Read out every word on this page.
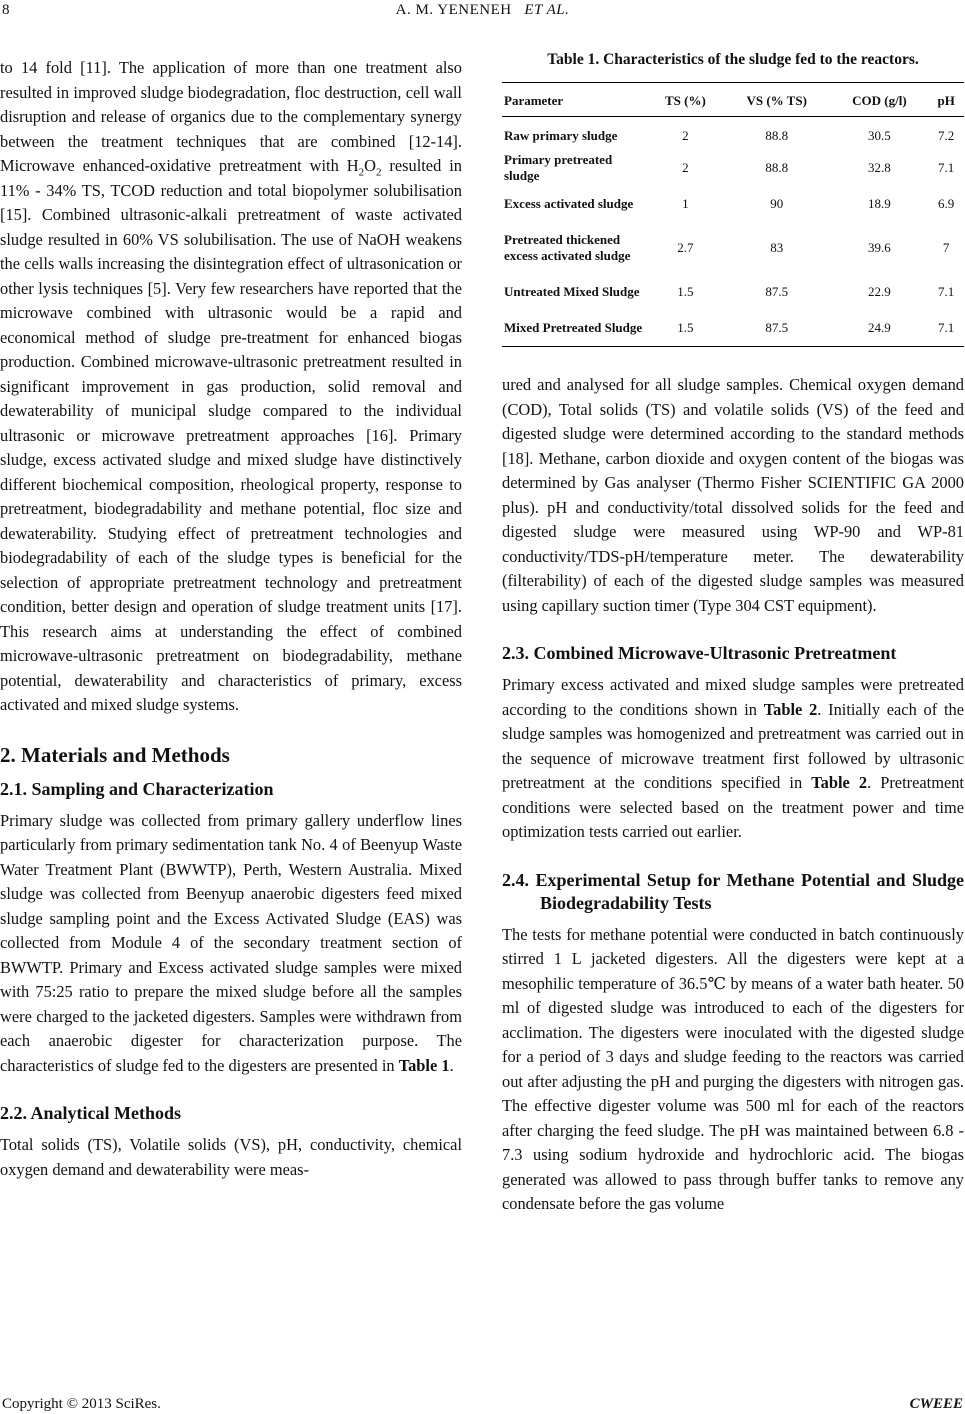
8	A. M. YENENEH ET AL.

to 14 fold [11]. The application of more than one treatment also resulted in improved sludge biodegradation, floc destruction, cell wall disruption and release of organics due to the complementary synergy between the treatment techniques that are combined [12-14]. Microwave enhanced-oxidative pretreatment with $H_2O_2$ resulted in 11% - 34% TS, TCOD reduction and total biopolymer solubilisation [15]. Combined ultrasonic-alkali pretreatment of waste activated sludge resulted in 60% VS solubilisation. The use of NaOH weakens the cells walls increasing the disintegration effect of ultrasonication or other lysis techniques [5]. Very few researchers have reported that the microwave combined with ultrasonic would be a rapid and economical method of sludge pre-treatment for enhanced biogas production. Combined microwave-ultrasonic pretreatment resulted in significant improvement in gas production, solid removal and dewaterability of municipal sludge compared to the individual ultrasonic or microwave pretreatment approaches [16]. Primary sludge, excess activated sludge and mixed sludge have distinctively different biochemical composition, rheological property, response to pretreatment, biodegradability and methane potential, floc size and dewaterability. Studying effect of pretreatment technologies and biodegradability of each of the sludge types is beneficial for the selection of appropriate pretreatment technology and pretreatment condition, better design and operation of sludge treatment units [17]. This research aims at understanding the effect of combined microwave-ultrasonic pretreatment on biodegradability, methane potential, dewaterability and characteristics of primary, excess activated and mixed sludge systems.

2. Materials and Methods
2.1. Sampling and Characterization

Primary sludge was collected from primary gallery underflow lines particularly from primary sedimentation tank No. 4 of Beenyup Waste Water Treatment Plant (BWWTP), Perth, Western Australia. Mixed sludge was collected from Beenyup anaerobic digesters feed mixed sludge sampling point and the Excess Activated Sludge (EAS) was collected from Module 4 of the secondary treatment section of BWWTP. Primary and Excess activated sludge samples were mixed with 75:25 ratio to prepare the mixed sludge before all the samples were charged to the jacketed digesters. Samples were withdrawn from each anaerobic digester for characterization purpose. The characteristics of sludge fed to the digesters are presented in Table 1.

2.2. Analytical Methods

Total solids (TS), Volatile solids (VS), pH, conductivity, chemical oxygen demand and dewaterability were meas-

Table 1. Characteristics of the sludge fed to the reactors.
Parameter	TS (%)	VS (% TS)	COD (g/l)	pH
Raw primary sludge	2	88.8	30.5	7.2
Primary pretreated sludge	2	88.8	32.8	7.1
Excess activated sludge	1	90	18.9	6.9
Pretreated thickened excess activated sludge	2.7	83	39.6	7
Untreated Mixed Sludge	1.5	87.5	22.9	7.1
Mixed Pretreated Sludge	1.5	87.5	24.9	7.1

ured and analysed for all sludge samples. Chemical oxygen demand (COD), Total solids (TS) and volatile solids (VS) of the feed and digested sludge were determined according to the standard methods [18]. Methane, carbon dioxide and oxygen content of the biogas was determined by Gas analyser (Thermo Fisher SCIENTIFIC GA 2000 plus). pH and conductivity/total dissolved solids for the feed and digested sludge were measured using WP-90 and WP-81 conductivity/TDS-pH/temperature meter. The dewaterability (filterability) of each of the digested sludge samples was measured using capillary suction timer (Type 304 CST equipment).

2.3. Combined Microwave-Ultrasonic Pretreatment

Primary excess activated and mixed sludge samples were pretreated according to the conditions shown in Table 2. Initially each of the sludge samples was homogenized and pretreatment was carried out in the sequence of microwave treatment first followed by ultrasonic pretreatment at the conditions specified in Table 2. Pretreatment conditions were selected based on the treatment power and time optimization tests carried out earlier.

2.4. Experimental Setup for Methane Potential and Sludge Biodegradability Tests

The tests for methane potential were conducted in batch continuously stirred 1 L jacketed digesters. All the digesters were kept at a mesophilic temperature of 36.5℃ by means of a water bath heater. 50 ml of digested sludge was introduced to each of the digesters for acclimation. The digesters were inoculated with the digested sludge for a period of 3 days and sludge feeding to the reactors was carried out after adjusting the pH and purging the digesters with nitrogen gas. The effective digester volume was 500 ml for each of the reactors after charging the feed sludge. The pH was maintained between 6.8 - 7.3 using sodium hydroxide and hydrochloric acid. The biogas generated was allowed to pass through buffer tanks to remove any condensate before the gas volume

Copyright © 2013 SciRes.	CWEEE
